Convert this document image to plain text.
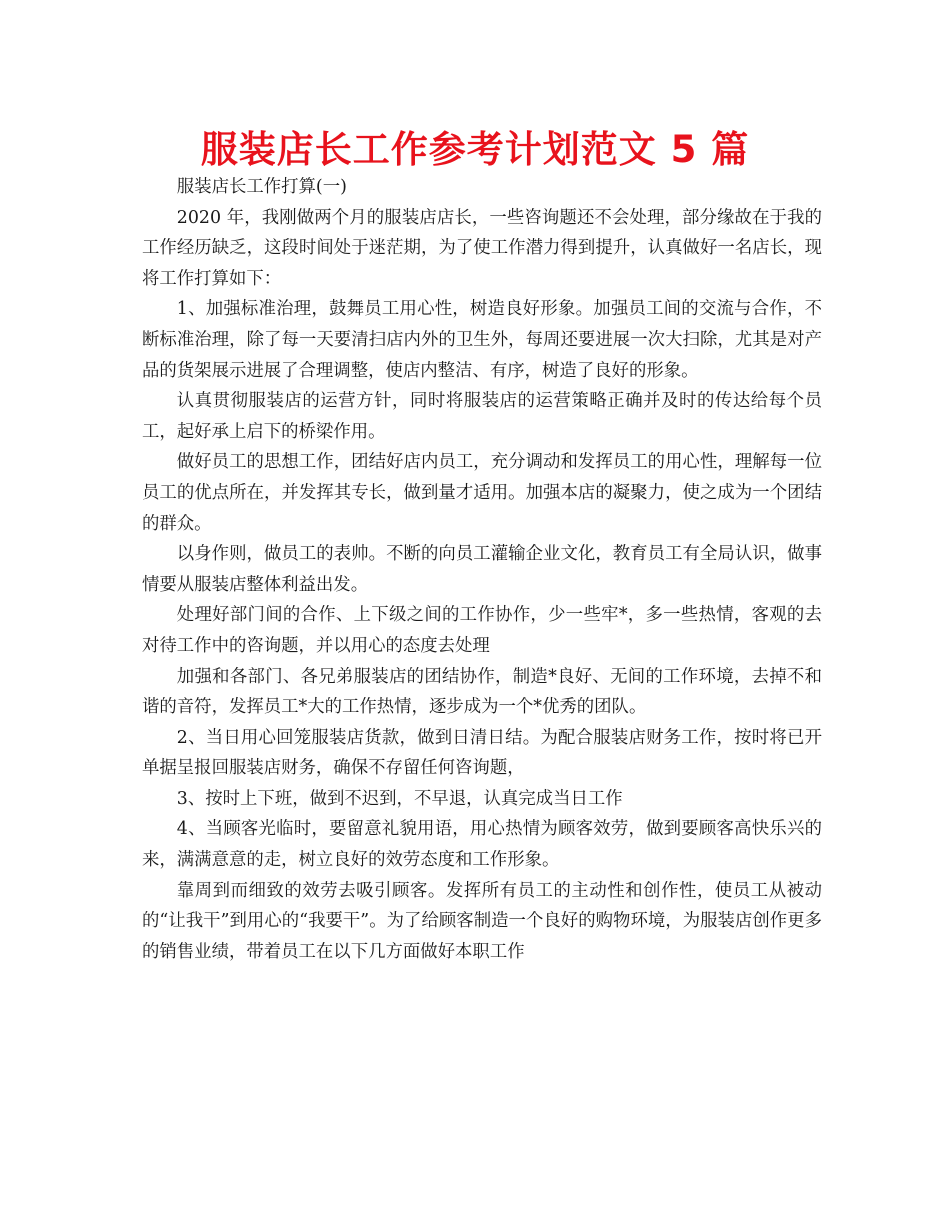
服装店长工作参考计划范文 5 篇

服装店长工作打算(一)

2020 年，我刚做两个月的服装店店长，一些咨询题还不会处理，部分缘故在于我的工作经历缺乏，这段时间处于迷茫期，为了使工作潜力得到提升，认真做好一名店长，现将工作打算如下：

1、加强标准治理，鼓舞员工用心性，树造良好形象。加强员工间的交流与合作，不断标准治理，除了每一天要清扫店内外的卫生外，每周还要进展一次大扫除，尤其是对产品的货架展示进展了合理调整，使店内整洁、有序，树造了良好的形象。

认真贯彻服装店的运营方针，同时将服装店的运营策略正确并及时的传达给每个员工，起好承上启下的桥梁作用。

做好员工的思想工作，团结好店内员工，充分调动和发挥员工的用心性，理解每一位员工的优点所在，并发挥其专长，做到量才适用。加强本店的凝聚力，使之成为一个团结的群众。

以身作则，做员工的表帅。不断的向员工灌输企业文化，教育员工有全局认识，做事情要从服装店整体利益出发。

处理好部门间的合作、上下级之间的工作协作，少一些牢*，多一些热情，客观的去对待工作中的咨询题，并以用心的态度去处理

加强和各部门、各兄弟服装店的团结协作，制造*良好、无间的工作环境，去掉不和谐的音符，发挥员工*大的工作热情，逐步成为一个*优秀的团队。

2、当日用心回笼服装店货款，做到日清日结。为配合服装店财务工作，按时将已开单据呈报回服装店财务，确保不存留任何咨询题，

3、按时上下班，做到不迟到，不早退，认真完成当日工作

4、当顾客光临时，要留意礼貌用语，用心热情为顾客效劳，做到要顾客高快乐兴的来，满满意意的走，树立良好的效劳态度和工作形象。

靠周到而细致的效劳去吸引顾客。发挥所有员工的主动性和创作性，使员工从被动的“让我干”到用心的“我要干”。为了给顾客制造一个良好的购物环境，为服装店创作更多的销售业绩，带着员工在以下几方面做好本职工作
